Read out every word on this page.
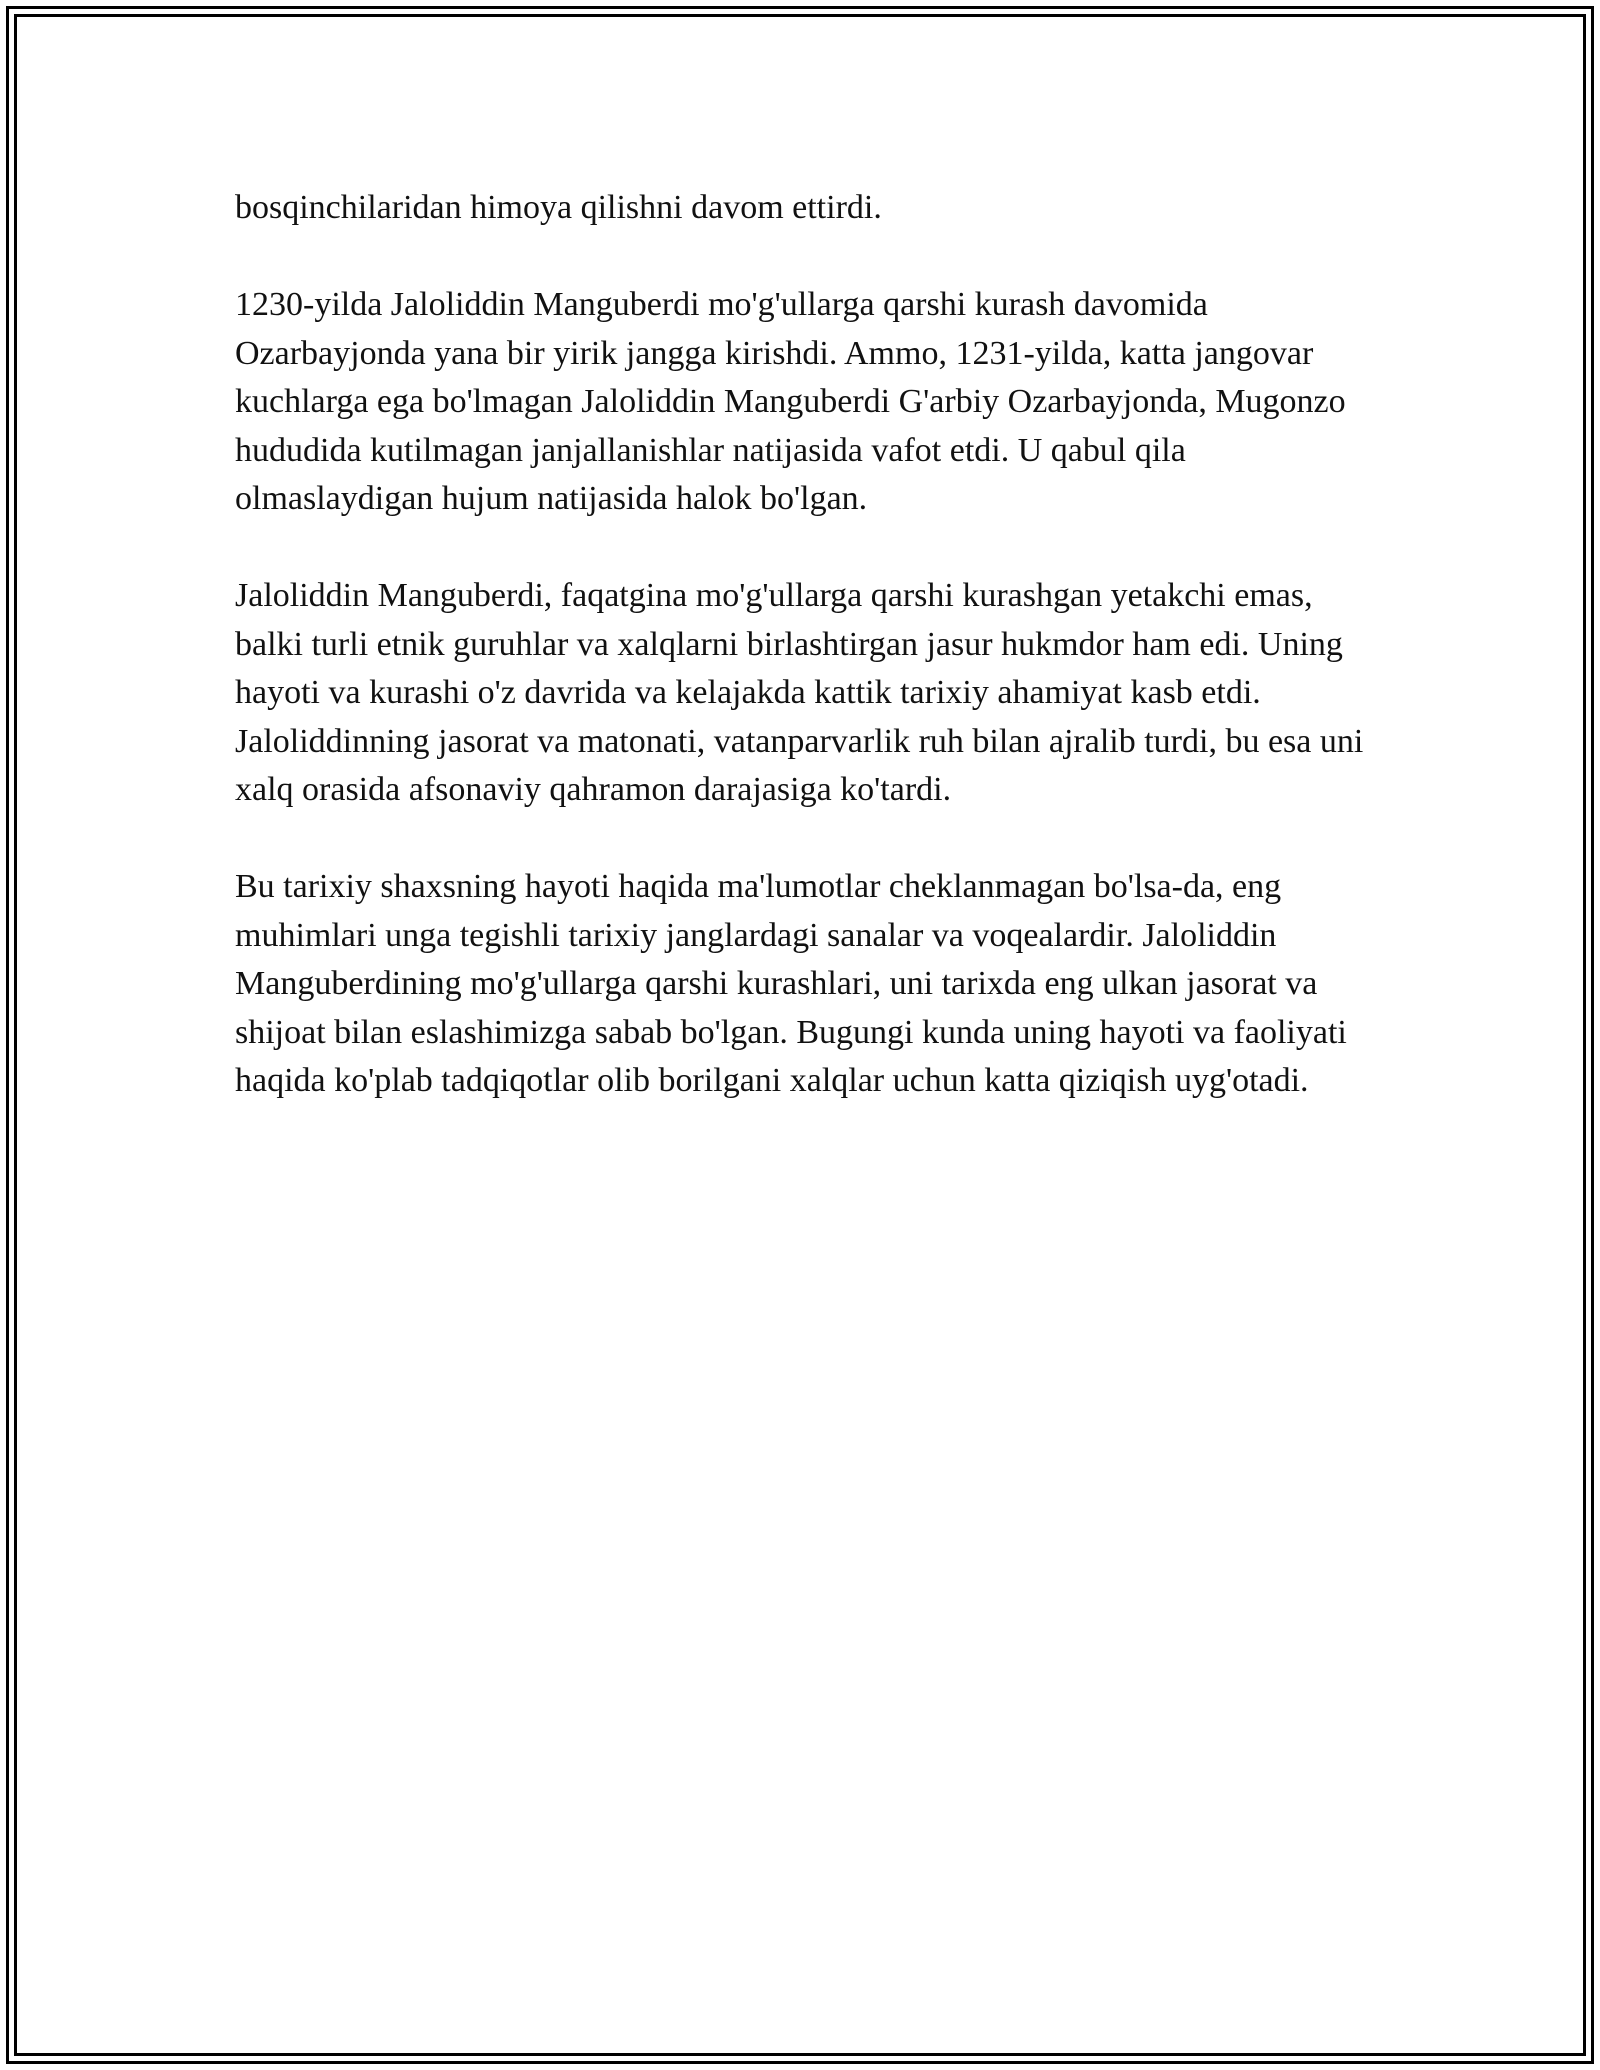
bosqinchilaridan himoya qilishni davom ettirdi.

1230-yilda Jaloliddin Manguberdi mo'g'ullarga qarshi kurash davomida Ozarbayjonda yana bir yirik jangga kirishdi. Ammo, 1231-yilda, katta jangovar kuchlarga ega bo'lmagan Jaloliddin Manguberdi G'arbiy Ozarbayjonda, Mugonzo hududida kutilmagan janjallanishlar natijasida vafot etdi. U qabul qila olmaslaydigan hujum natijasida halok bo'lgan.

Jaloliddin Manguberdi, faqatgina mo'g'ullarga qarshi kurashgan yetakchi emas, balki turli etnik guruhlar va xalqlarni birlashtirgan jasur hukmdor ham edi. Uning hayoti va kurashi o'z davrida va kelajakda kattik tarixiy ahamiyat kasb etdi. Jaloliddinning jasorat va matonati, vatanparvarlik ruh bilan ajralib turdi, bu esa uni xalq orasida afsonaviy qahramon darajasiga ko'tardi.

Bu tarixiy shaxsning hayoti haqida ma'lumotlar cheklanmagan bo'lsa-da, eng muhimlari unga tegishli tarixiy janglardagi sanalar va voqealardir. Jaloliddin Manguberdining mo'g'ullarga qarshi kurashlari, uni tarixda eng ulkan jasorat va shijoat bilan eslashimizga sabab bo'lgan. Bugungi kunda uning hayoti va faoliyati haqida ko'plab tadqiqotlar olib borilgani xalqlar uchun katta qiziqish uyg'otadi.
